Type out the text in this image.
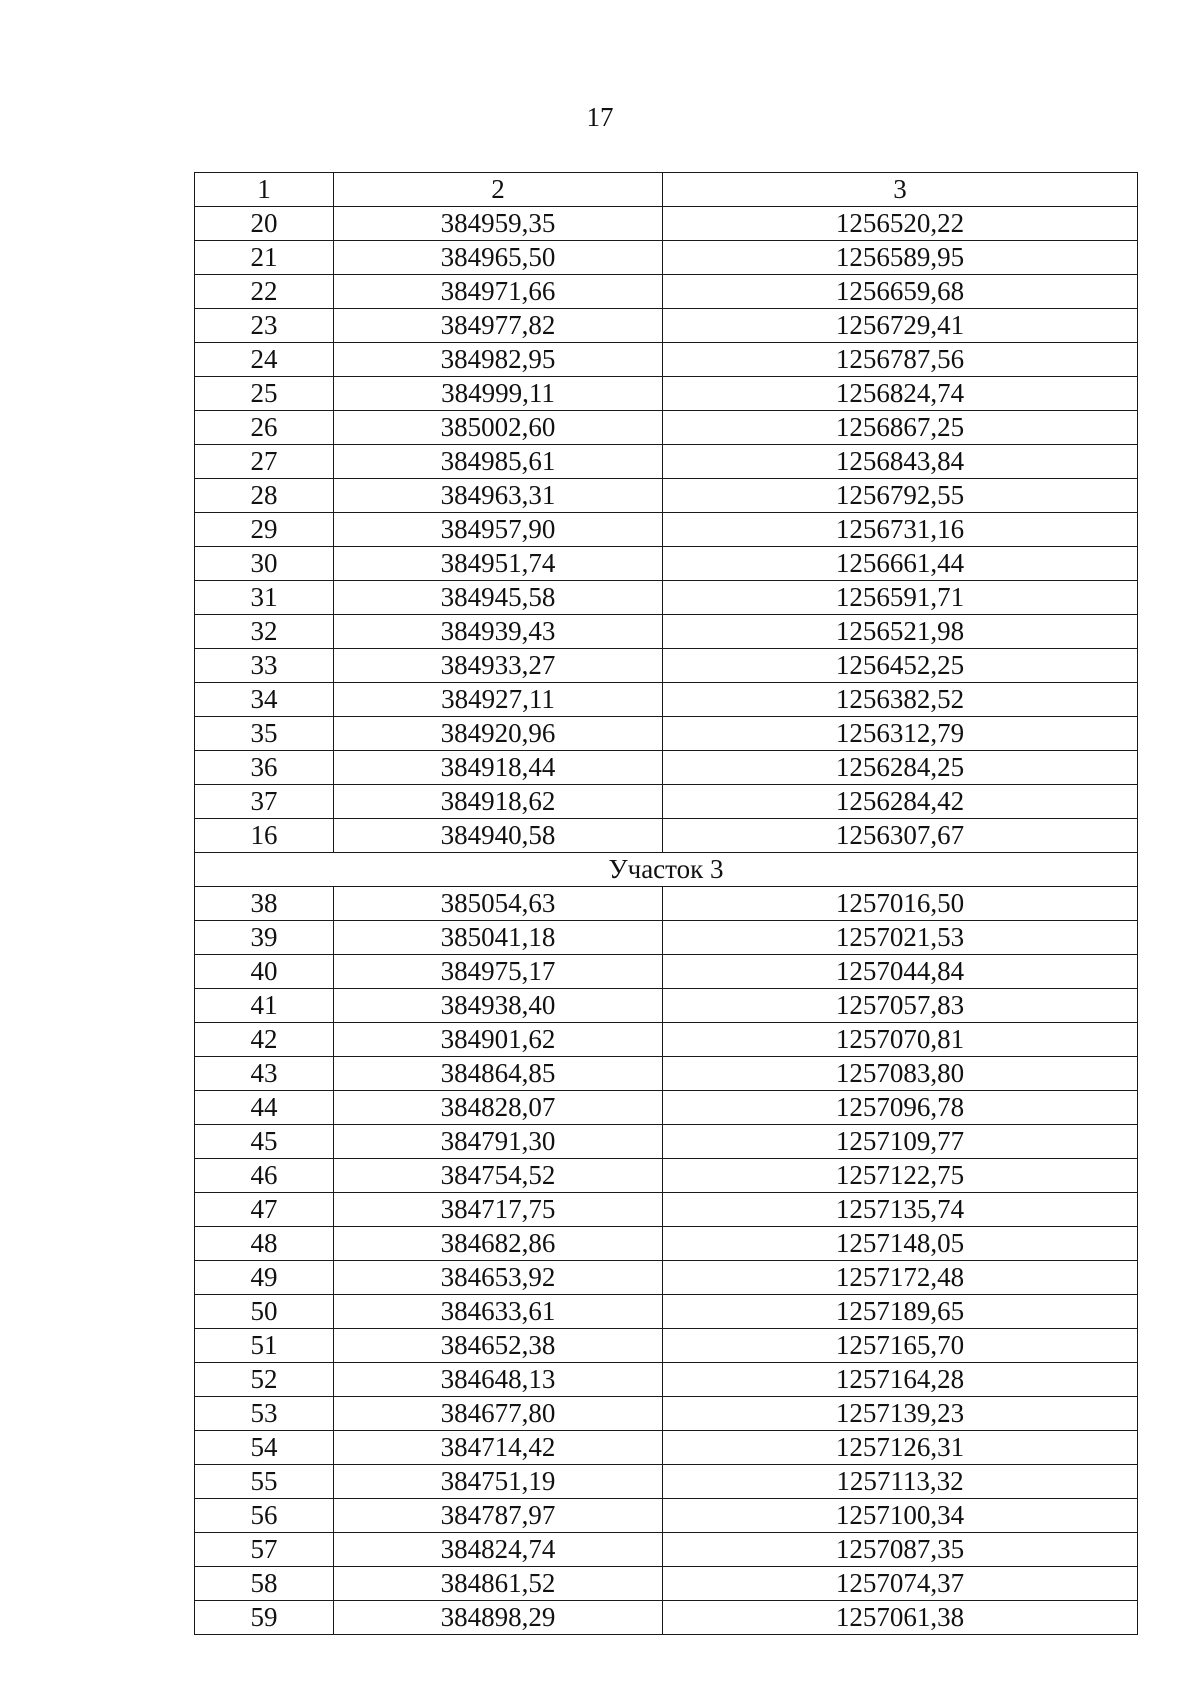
17
1	2	3
20	384959,35	1256520,22
21	384965,50	1256589,95
22	384971,66	1256659,68
23	384977,82	1256729,41
24	384982,95	1256787,56
25	384999,11	1256824,74
26	385002,60	1256867,25
27	384985,61	1256843,84
28	384963,31	1256792,55
29	384957,90	1256731,16
30	384951,74	1256661,44
31	384945,58	1256591,71
32	384939,43	1256521,98
33	384933,27	1256452,25
34	384927,11	1256382,52
35	384920,96	1256312,79
36	384918,44	1256284,25
37	384918,62	1256284,42
16	384940,58	1256307,67
Участок 3		
38	385054,63	1257016,50
39	385041,18	1257021,53
40	384975,17	1257044,84
41	384938,40	1257057,83
42	384901,62	1257070,81
43	384864,85	1257083,80
44	384828,07	1257096,78
45	384791,30	1257109,77
46	384754,52	1257122,75
47	384717,75	1257135,74
48	384682,86	1257148,05
49	384653,92	1257172,48
50	384633,61	1257189,65
51	384652,38	1257165,70
52	384648,13	1257164,28
53	384677,80	1257139,23
54	384714,42	1257126,31
55	384751,19	1257113,32
56	384787,97	1257100,34
57	384824,74	1257087,35
58	384861,52	1257074,37
59	384898,29	1257061,38
